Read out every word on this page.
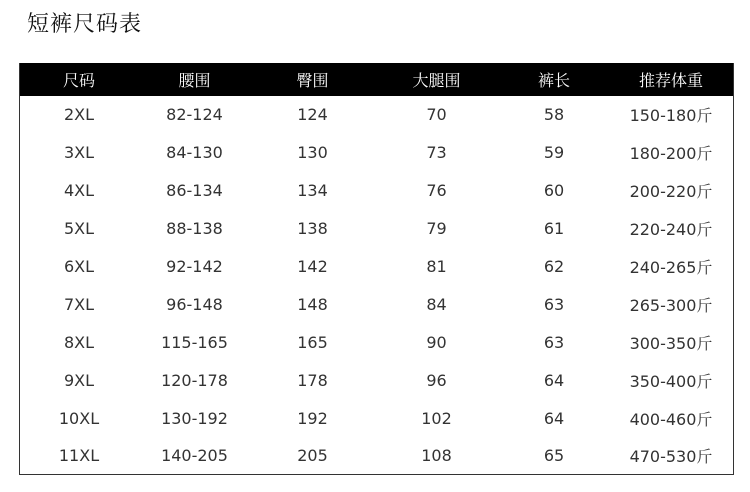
短裤尺码表
尺码	腰围	臀围	大腿围	裤长	推荐体重
2XL	82-124	124	70	58	150-180斤
3XL	84-130	130	73	59	180-200斤
4XL	86-134	134	76	60	200-220斤
5XL	88-138	138	79	61	220-240斤
6XL	92-142	142	81	62	240-265斤
7XL	96-148	148	84	63	265-300斤
8XL	115-165	165	90	63	300-350斤
9XL	120-178	178	96	64	350-400斤
10XL	130-192	192	102	64	400-460斤
11XL	140-205	205	108	65	470-530斤
